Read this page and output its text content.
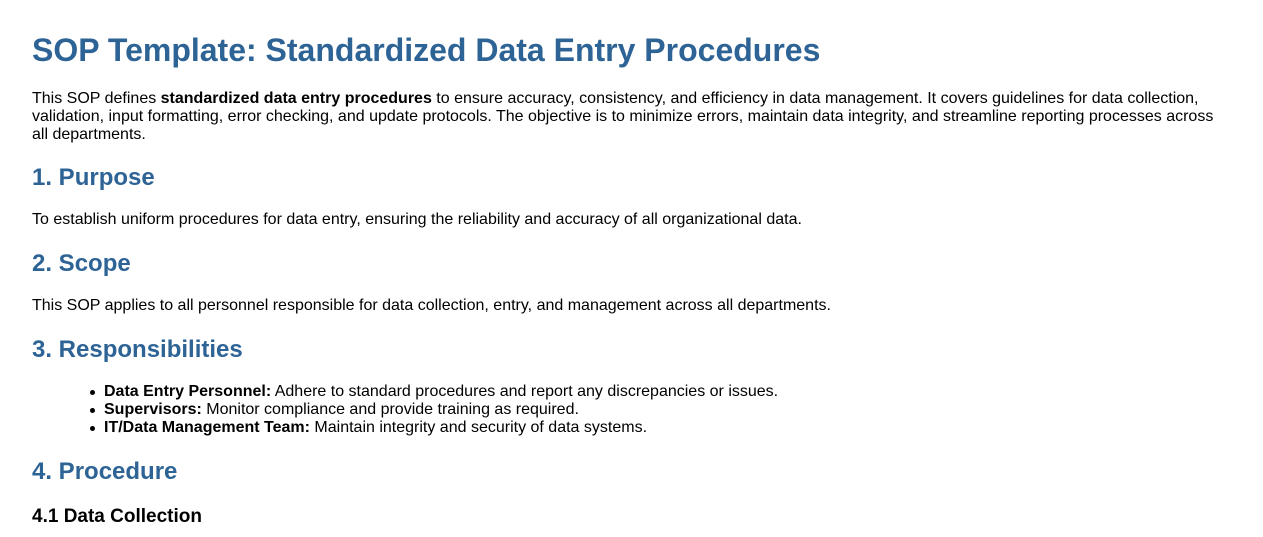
SOP Template: Standardized Data Entry Procedures

This SOP defines standardized data entry procedures to ensure accuracy, consistency, and efficiency in data management. It covers guidelines for data collection, validation, input formatting, error checking, and update protocols. The objective is to minimize errors, maintain data integrity, and streamline reporting processes across all departments.

1. Purpose

To establish uniform procedures for data entry, ensuring the reliability and accuracy of all organizational data.

2. Scope

This SOP applies to all personnel responsible for data collection, entry, and management across all departments.

3. Responsibilities
Data Entry Personnel: Adhere to standard procedures and report any discrepancies or issues.
Supervisors: Monitor compliance and provide training as required.
IT/Data Management Team: Maintain integrity and security of data systems.
4. Procedure
4.1 Data Collection
